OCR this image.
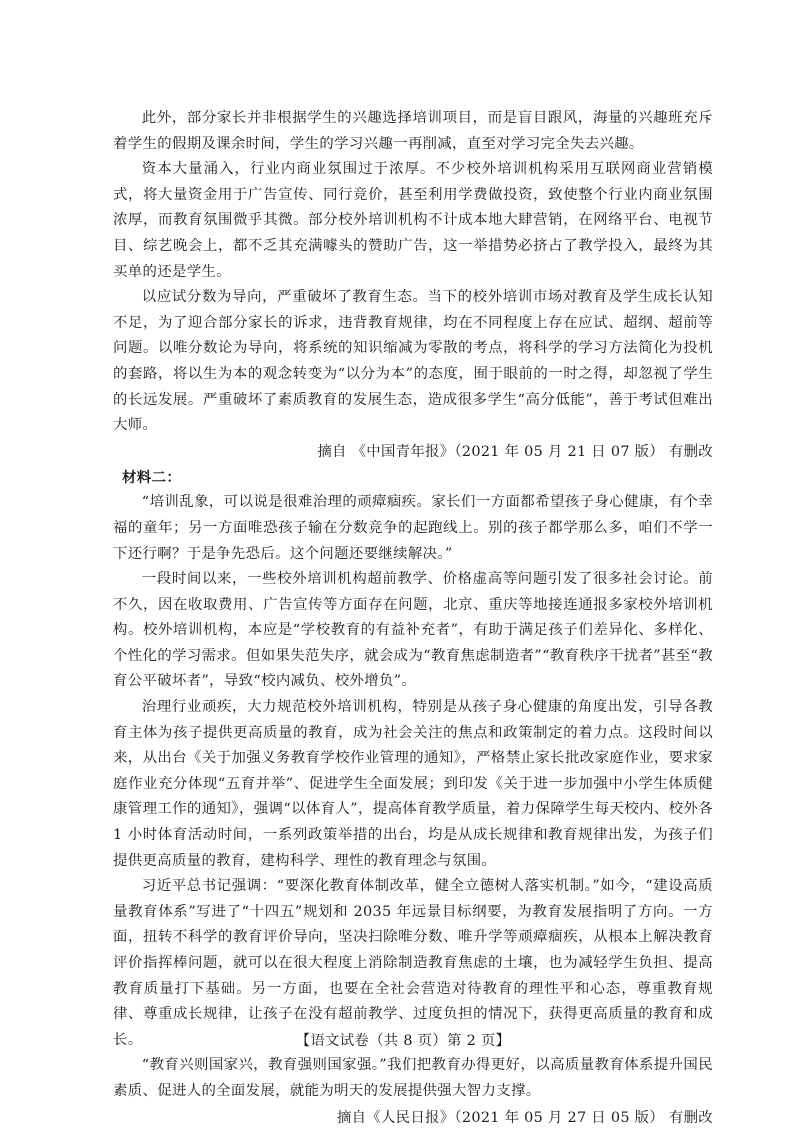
此外，部分家长并非根据学生的兴趣选择培训项目，而是盲目跟风，海量的兴趣班充斥着学生的假期及课余时间，学生的学习兴趣一再削减，直至对学习完全失去兴趣。

资本大量涌入，行业内商业氛围过于浓厚。不少校外培训机构采用互联网商业营销模式，将大量资金用于广告宣传、同行竞价，甚至利用学费做投资，致使整个行业内商业氛围浓厚，而教育氛围微乎其微。部分校外培训机构不计成本地大肆营销，在网络平台、电视节目、综艺晚会上，都不乏其充满噱头的赞助广告，这一举措势必挤占了教学投入，最终为其买单的还是学生。

以应试分数为导向，严重破坏了教育生态。当下的校外培训市场对教育及学生成长认知不足，为了迎合部分家长的诉求，违背教育规律，均在不同程度上存在应试、超纲、超前等问题。以唯分数论为导向，将系统的知识缩减为零散的考点，将科学的学习方法简化为投机的套路，将以生为本的观念转变为“以分为本”的态度，囿于眼前的一时之得，却忽视了学生的长远发展。严重破坏了素质教育的发展生态，造成很多学生“高分低能”，善于考试但难出大师。

摘自 《中国青年报》（2021 年 05 月 21 日 07 版） 有删改

材料二：

“培训乱象，可以说是很难治理的顽瘴痼疾。家长们一方面都希望孩子身心健康，有个幸福的童年；另一方面唯恐孩子输在分数竞争的起跑线上。别的孩子都学那么多，咱们不学一下还行啊？于是争先恐后。这个问题还要继续解决。”

一段时间以来，一些校外培训机构超前教学、价格虚高等问题引发了很多社会讨论。前不久，因在收取费用、广告宣传等方面存在问题，北京、重庆等地接连通报多家校外培训机构。校外培训机构，本应是“学校教育的有益补充者”，有助于满足孩子们差异化、多样化、个性化的学习需求。但如果失范失序，就会成为“教育焦虑制造者”“教育秩序干扰者”甚至“教育公平破坏者”，导致“校内减负、校外增负”。

治理行业顽疾，大力规范校外培训机构，特别是从孩子身心健康的角度出发，引导各教育主体为孩子提供更高质量的教育，成为社会关注的焦点和政策制定的着力点。这段时间以来，从出台《关于加强义务教育学校作业管理的通知》，严格禁止家长批改家庭作业，要求家庭作业充分体现“五育并举”、促进学生全面发展；到印发《关于进一步加强中小学生体质健康管理工作的通知》，强调“以体育人”，提高体育教学质量，着力保障学生每天校内、校外各 1 小时体育活动时间，一系列政策举措的出台，均是从成长规律和教育规律出发，为孩子们提供更高质量的教育，建构科学、理性的教育理念与氛围。

习近平总书记强调：“要深化教育体制改革，健全立德树人落实机制。”如今，“建设高质量教育体系”写进了“十四五”规划和 2035 年远景目标纲要，为教育发展指明了方向。一方面，扭转不科学的教育评价导向，坚决扫除唯分数、唯升学等顽瘴痼疾，从根本上解决教育评价指挥棒问题，就可以在很大程度上消除制造教育焦虑的土壤，也为减轻学生负担、提高教育质量打下基础。另一方面，也要在全社会营造对待教育的理性平和心态，尊重教育规律、尊重成长规律，让孩子在没有超前教学、过度负担的情况下，获得更高质量的教育和成长。

“教育兴则国家兴，教育强则国家强。”我们把教育办得更好，以高质量教育体系提升国民素质、促进人的全面发展，就能为明天的发展提供强大智力支撑。

摘自《人民日报》（2021 年 05 月 27 日 05 版） 有删改

【语文试卷（共 8 页）第 2 页】
